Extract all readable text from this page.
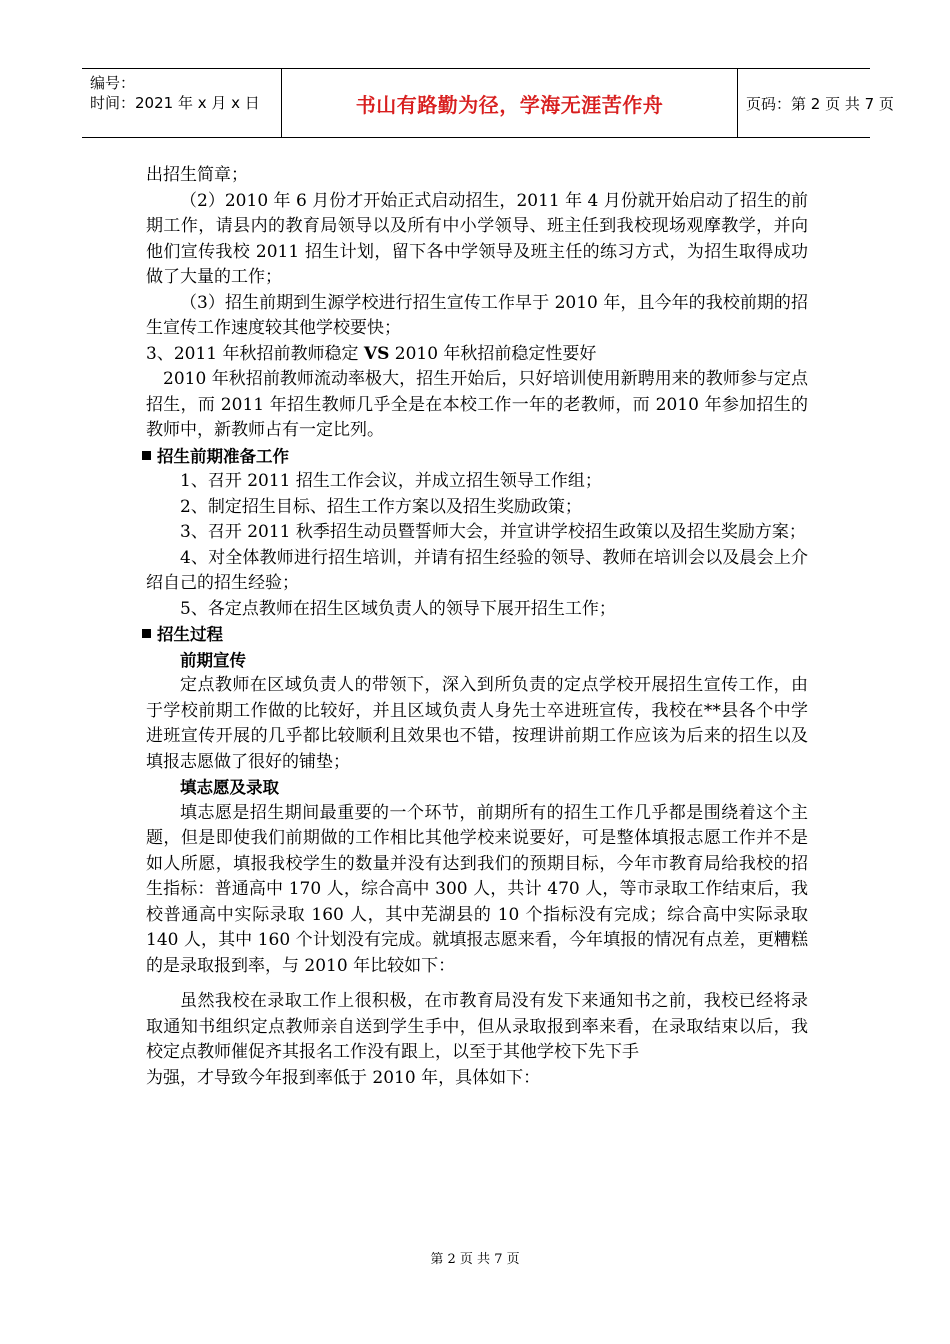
编号：
时间：2021 年 x 月 x 日	书山有路勤为径，学海无涯苦作舟	页码：第 2 页 共 7 页

出招生简章；

（2）2010 年 6 月份才开始正式启动招生，2011 年 4 月份就开始启动了招生的前期工作，请县内的教育局领导以及所有中小学领导、班主任到我校现场观摩教学，并向他们宣传我校 2011 招生计划，留下各中学领导及班主任的练习方式，为招生取得成功做了大量的工作；

（3）招生前期到生源学校进行招生宣传工作早于 2010 年，且今年的我校前期的招生宣传工作速度较其他学校要快；

3、2011 年秋招前教师稳定 VS 2010 年秋招前稳定性要好

2010 年秋招前教师流动率极大，招生开始后，只好培训使用新聘用来的教师参与定点招生，而 2011 年招生教师几乎全是在本校工作一年的老教师，而 2010 年参加招生的教师中，新教师占有一定比列。

招生前期准备工作

1、召开 2011 招生工作会议，并成立招生领导工作组；

2、制定招生目标、招生工作方案以及招生奖励政策；

3、召开 2011 秋季招生动员暨誓师大会，并宣讲学校招生政策以及招生奖励方案；

4、对全体教师进行招生培训，并请有招生经验的领导、教师在培训会以及晨会上介绍自己的招生经验；

5、各定点教师在招生区域负责人的领导下展开招生工作；

招生过程

前期宣传

定点教师在区域负责人的带领下，深入到所负责的定点学校开展招生宣传工作，由于学校前期工作做的比较好，并且区域负责人身先士卒进班宣传，我校在**县各个中学进班宣传开展的几乎都比较顺利且效果也不错，按理讲前期工作应该为后来的招生以及填报志愿做了很好的铺垫；

填志愿及录取

填志愿是招生期间最重要的一个环节，前期所有的招生工作几乎都是围绕着这个主题，但是即使我们前期做的工作相比其他学校来说要好，可是整体填报志愿工作并不是如人所愿，填报我校学生的数量并没有达到我们的预期目标，今年市教育局给我校的招生指标：普通高中 170 人，综合高中 300 人，共计 470 人，等市录取工作结束后，我校普通高中实际录取 160 人，其中芜湖县的 10 个指标没有完成；综合高中实际录取 140 人，其中 160 个计划没有完成。就填报志愿来看，今年填报的情况有点差，更糟糕的是录取报到率，与 2010 年比较如下：

虽然我校在录取工作上很积极，在市教育局没有发下来通知书之前，我校已经将录取通知书组织定点教师亲自送到学生手中，但从录取报到率来看，在录取结束以后，我校定点教师催促齐其报名工作没有跟上，以至于其他学校下先下手

为强，才导致今年报到率低于 2010 年，具体如下：

第 2 页 共 7 页
